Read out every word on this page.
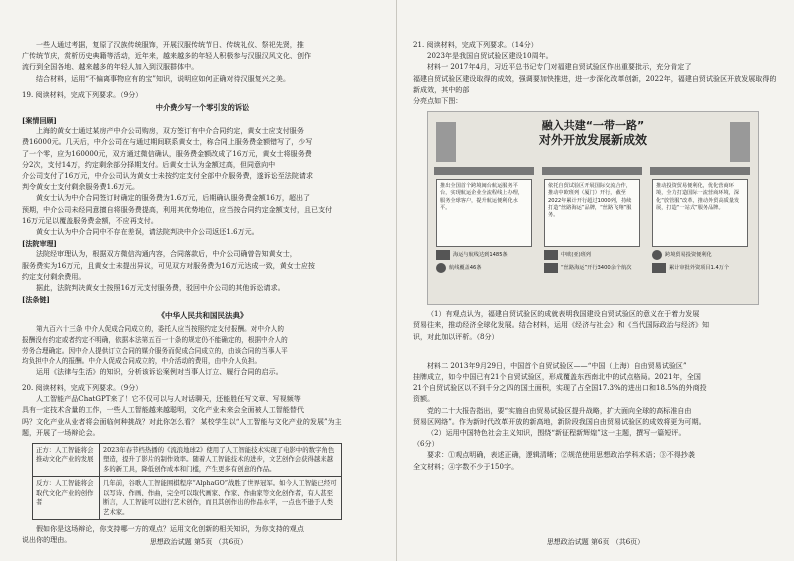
一些人通过考据，复原了汉族传统服饰，开展汉服传统节日、传统礼仪、祭祀先贤，推

广传统节庆，赏析历史典籍等活动，近年来，越来越多的年轻人积极参与汉服汉风文化、创作

流行到全国各地、越来越多的年轻人加入到汉服群体中。

结合材料，运用“不偏离事物应有的宝”知识，说明应如何正确对待汉服复兴之美。

19. 阅读材料，完成下列要求。（9分）

中介费少写一个零引发的诉讼

[案情回顾]

上海的黄女士通过某房产中介公司购房，双方签订有中介合同约定，黄女士应支付服务

费16000元。几天后，中介公司在与通过期间联系黄女士，称合同上服务费金额错写了，少写

了一个零，应为160000元，双方通过微信确认，服务费金额改成了16万元，黄女士将服务费

分2次，支付14万，约定剩余部分择期支付。后黄女士认为金额过高，但同意向中

介公司支付了16万元，中介公司认为黄女士未按约定支付全部中介服务费，遂诉讼至法院请求

判令黄女士支付剩余服务费1.6万元。

黄女士认为中介合同签订时确定的服务费为1.6万元，后期确认服务费金额16万，超出了

预期，中介公司未经同意擅自将服务费提高，利用其优势地位，应当按合同约定金额支付，且已支付

16万元足以覆盖服务费金额，不应再支付。

黄女士认为中介合同中不存在差误，请法院判决中介公司返还1.6万元。

[法院审理]

法院经审理认为，根据双方微信沟通内容，合同落款后，中介公司确曾告知黄女士，

服务费实为16万元，且黄女士未提出异议，可见双方对服务费为16万元达成一致，黄女士应按

约定支付剩余费用。

据此，法院判决黄女士按照16万元支付服务费，驳回中介公司的其他诉讼请求。

[法条链]

《中华人民共和国民法典》

第九百六十三条 中介人促成合同成立的，委托人应当按照约定支付报酬。对中介人的

报酬没有约定或者约定不明确，依据本法第五百一十条的规定仍不能确定的，根据中介人的

劳务合理确定。因中介人提供订立合同的媒介服务而促成合同成立的，由该合同的当事人平

均负担中介人的报酬。中介人促成合同成立的，中介活动的费用，由中介人负担。

运用《法律与生活》的知识，分析该诉讼案例对当事人订立、履行合同的启示。

20. 阅读材料，完成下列要求。（9分）

人工智能产品ChatGPT来了！它不仅可以与人对话聊天，还能胜任写文章、写视频等

具有一定技术含量的工作，一些人工智能越来越聪明，文化产业未来会全面被人工智能替代

吗？文化产业从业者将会面临何种挑战？对此你怎么看？ 某校学生以“人工智能与文化产业的发展”为主

题，开展了一场辩论会。

正方：人工智能将会推动文化产业的发展	2023年春节档热播的《流浪地球2》使用了人工智能技术实现了电影中的数字角色塑造，提升了影片的制作效率。随着人工智能技术的进步，文艺创作会获得越来越多的新工具，降低创作成本和门槛，产生更多有创意的作品。
反方：人工智能将会取代文化产业的创作者	几年前，谷歌人工智能围棋程序“AlphaGO”战胜了世界冠军。如今人工智能已经可以写诗、作画、作曲，完全可以取代画家、作家、作曲家等文化创作者，有人甚至断言，人工智能可以进行艺术创作，而且其创作出的作品水平，一点也不逊于人类艺术家。

假如你是这场辩论，你支持哪一方的观点？运用文化创新的相关知识，为你支持的观点

说出你的理由。	思想政治试题 第5页 （共6页）

21. 阅读材料，完成下列要求。（14分）

2023年是我国自贸试验区建设10周年。

材料一 2017年4月，习近平总书记专门对福建自贸试验区作出重要批示，充分肯定了

福建自贸试验区建设取得的成效，强调要加快推进，进一步深化改革创新，2022年，福建自贸试验区开放发展取得的新成效，其中的部

分亮点如下图：

融入共建“一带一路”
对外开放发展新成效
推出全国首个跨境闽台航运服务平台，实现航运企业全流程线上办理，服务全球客户，提升航运便利化水平。
海运与航线达到1485条
航线覆盖46条
依托自贸试验区开展国际交流合作，推动中欧班列（厦门）开行，截至2022年累计开行超过1000列，持续打造“丝路海运”品牌，“丝路飞翔”服务。
中欧(亚)班列
“丝路海运”开行3400余个航次
推动投资贸易便利化，优化营商环境，全力打造国际一流营商环境，深化“放管服”改革，推动外贸高质量发展，打造“一站式”服务品牌。
跨境贸易投资便利化
累计审批外资项目1.4万个

（1）有观点认为，福建自贸试验区的成就表明我国建设自贸试验区的意义在于着力发展

贸易往来，推动经济全球化发展。结合材料，运用《经济与社会》和《当代国际政治与经济》知

识，对此加以评析。（8分）

材料二 2013年9月29日，中国首个自贸试验区——“中国（上海）自由贸易试验区”

挂牌成立，如今中国已有21个自贸试验区，形成覆盖东西南北中的试点格局。2021年，全国

21个自贸试验区以不到千分之四的国土面积，实现了占全国17.3%的进出口和18.5%的外商投

资额。

党的二十大报告指出，要“实施自由贸易试验区提升战略，扩大面向全球的高标准自由

贸易区网络”。作为新时代改革开放的新高地，新阶段我国自由贸易试验区的成效将更为可期。

（2）运用中国特色社会主义知识，围绕“新征程新辉煌”这一主题，撰写一篇短评。

（6分）

要求：①观点明确，表述正确，逻辑清晰；②规范使用思想政治学科术语；③不得抄袭

全文材料；④字数不少于150字。

思想政治试题 第6页 （共6页）
